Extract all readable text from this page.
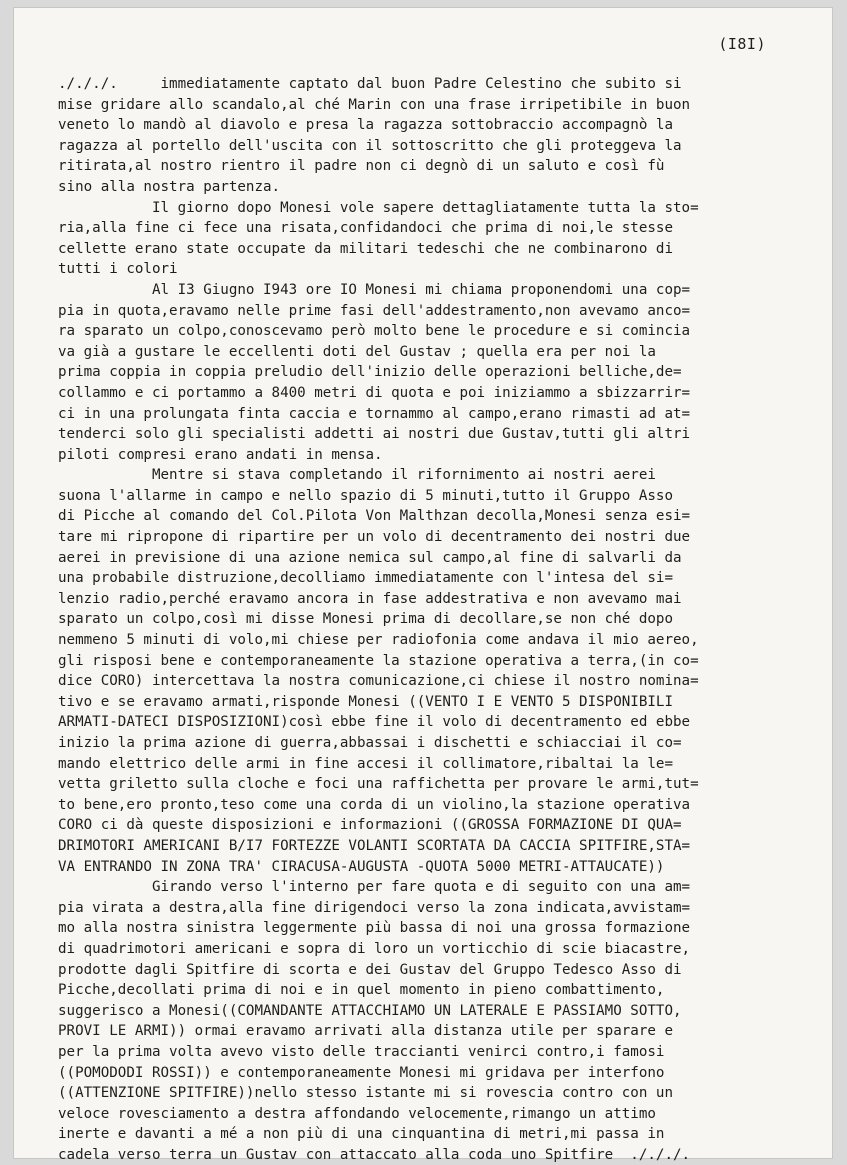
(I8I)
./././.     immediatamente captato dal buon Padre Celestino che subito si
mise gridare allo scandalo,al ché Marin con una frase irripetibile in buon
veneto lo mandò al diavolo e presa la ragazza sottobraccio accompagnò la
ragazza al portello dell'uscita con il sottoscritto che gli proteggeva la
ritirata,al nostro rientro il padre non ci degnò di un saluto e così fù
sino alla nostra partenza.
Il giorno dopo Monesi vole sapere dettagliatamente tutta la sto=
ria,alla fine ci fece una risata,confidandoci che prima di noi,le stesse
cellette erano state occupate da militari tedeschi che ne combinarono di
tutti i colori
Al I3 Giugno I943 ore IO Monesi mi chiama proponendomi una cop=
pia in quota,eravamo nelle prime fasi dell'addestramento,non avevamo anco=
ra sparato un colpo,conoscevamo però molto bene le procedure e si comincia
va già a gustare le eccellenti doti del Gustav ; quella era per noi la
prima coppia in coppia preludio dell'inizio delle operazioni belliche,de=
collammo e ci portammo a 8400 metri di quota e poi iniziammo a sbizzarrir=
ci in una prolungata finta caccia e tornammo al campo,erano rimasti ad at=
tenderci solo gli specialisti addetti ai nostri due Gustav,tutti gli altri
piloti compresi erano andati in mensa.
Mentre si stava completando il rifornimento ai nostri aerei
suona l'allarme in campo e nello spazio di 5 minuti,tutto il Gruppo Asso
di Picche al comando del Col.Pilota Von Malthzan decolla,Monesi senza esi=
tare mi ripropone di ripartire per un volo di decentramento dei nostri due
aerei in previsione di una azione nemica sul campo,al fine di salvarli da
una probabile distruzione,decolliamo immediatamente con l'intesa del si=
lenzio radio,perché eravamo ancora in fase addestrativa e non avevamo mai
sparato un colpo,così mi disse Monesi prima di decollare,se non ché dopo
nemmeno 5 minuti di volo,mi chiese per radiofonia come andava il mio aereo,
gli risposi bene e contemporaneamente la stazione operativa a terra,(in co=
dice CORO) intercettava la nostra comunicazione,ci chiese il nostro nomina=
tivo e se eravamo armati,risponde Monesi ((VENTO I E VENTO 5 DISPONIBILI
ARMATI-DATECI DISPOSIZIONI)così ebbe fine il volo di decentramento ed ebbe
inizio la prima azione di guerra,abbassai i dischetti e schiacciai il co=
mando elettrico delle armi in fine accesi il collimatore,ribaltai la le=
vetta griletto sulla cloche e foci una raffichetta per provare le armi,tut=
to bene,ero pronto,teso come una corda di un violino,la stazione operativa
CORO ci dà queste disposizioni e informazioni ((GROSSA FORMAZIONE DI QUA=
DRIMOTORI AMERICANI B/I7 FORTEZZE VOLANTI SCORTATA DA CACCIA SPITFIRE,STA=
VA ENTRANDO IN ZONA TRA' CIRACUSA-AUGUSTA -QUOTA 5000 METRI-ATTAUCATE))
Girando verso l'interno per fare quota e di seguito con una am=
pia virata a destra,alla fine dirigendoci verso la zona indicata,avvistam=
mo alla nostra sinistra leggermente più bassa di noi una grossa formazione
di quadrimotori americani e sopra di loro un vorticchio di scie biacastre,
prodotte dagli Spitfire di scorta e dei Gustav del Gruppo Tedesco Asso di
Picche,decollati prima di noi e in quel momento in pieno combattimento,
suggerisco a Monesi((COMANDANTE ATTACCHIAMO UN LATERALE E PASSIAMO SOTTO,
PROVI LE ARMI)) ormai eravamo arrivati alla distanza utile per sparare e
per la prima volta avevo visto delle traccianti venirci contro,i famosi
((POMODODI ROSSI)) e contemporaneamente Monesi mi gridava per interfono
((ATTENZIONE SPITFIRE))nello stesso istante mi si rovescia contro con un
veloce rovesciamento a destra affondando velocemente,rimango un attimo
inerte e davanti a mé a non più di una cinquantina di metri,mi passa in
cadela verso terra un Gustav con attaccato alla coda uno Spitfire  ./././.
